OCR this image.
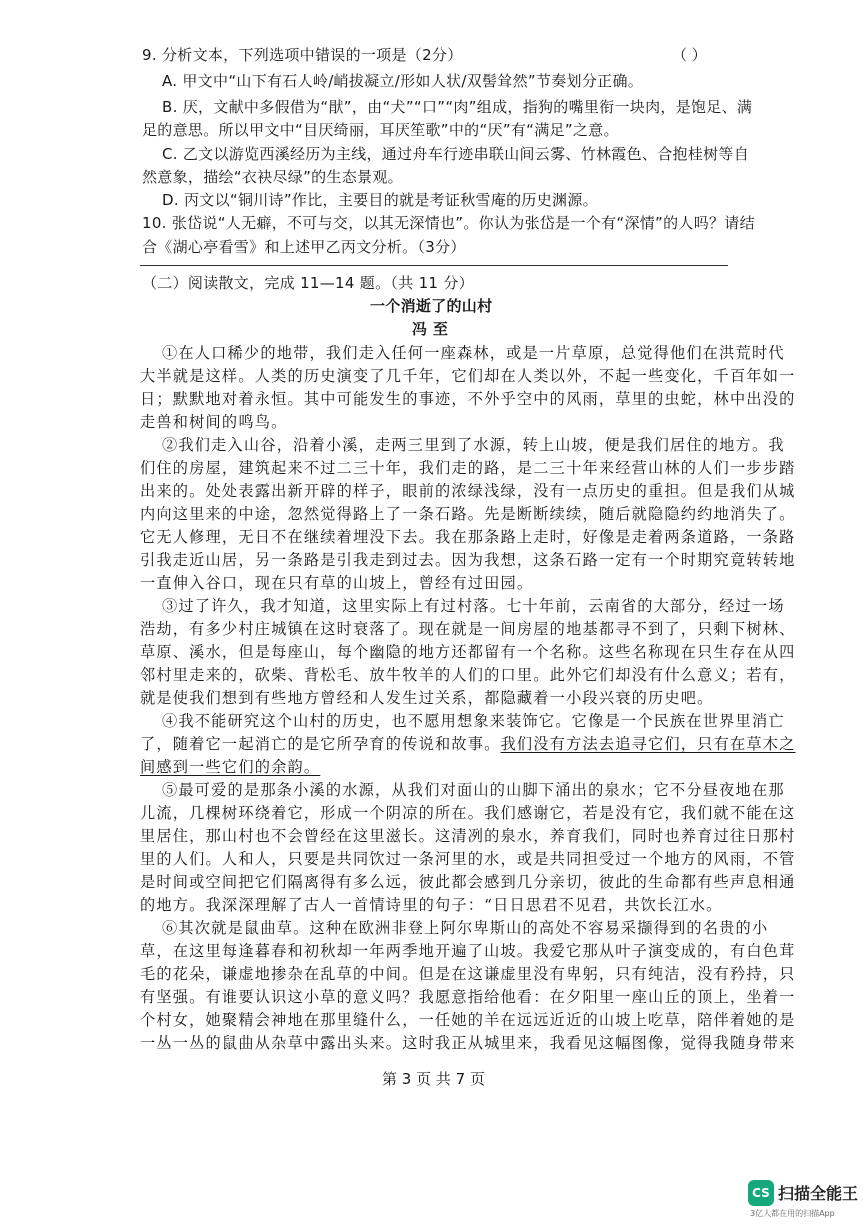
9. 分析文本，下列选项中错误的一项是（2分）	（ ）
A. 甲文中“山下有石人岭/峭拔凝立/形如人状/双髻耸然”节奏划分正确。
B. 厌，文献中多假借为“猒”，由“犬”“口”“肉”组成，指狗的嘴里衔一块肉，是饱足、满
足的意思。所以甲文中“目厌绮丽，耳厌笙歌”中的“厌”有“满足”之意。
C. 乙文以游览西溪经历为主线，通过舟车行迹串联山间云雾、竹林霞色、合抱桂树等自
然意象，描绘“衣袂尽绿”的生态景观。
D. 丙文以“铜川诗”作比，主要目的就是考证秋雪庵的历史渊源。
10. 张岱说“人无癖，不可与交，以其无深情也”。你认为张岱是一个有“深情”的人吗？请结
合《湖心亭看雪》和上述甲乙丙文分析。（3分）
（二）阅读散文，完成 11—14 题。（共 11 分）
一个消逝了的山村
冯 至
①在人口稀少的地带，我们走入任何一座森林，或是一片草原，总觉得他们在洪荒时代
大半就是这样。人类的历史演变了几千年，它们却在人类以外，不起一些变化，千百年如一
日；默默地对着永恒。其中可能发生的事迹，不外乎空中的风雨，草里的虫蛇，林中出没的
走兽和树间的鸣鸟。
②我们走入山谷，沿着小溪，走两三里到了水源，转上山坡，便是我们居住的地方。我
们住的房屋，建筑起来不过二三十年，我们走的路，是二三十年来经营山林的人们一步步踏
出来的。处处表露出新开辟的样子，眼前的浓绿浅绿，没有一点历史的重担。但是我们从城
内向这里来的中途，忽然觉得路上了一条石路。先是断断续续，随后就隐隐约约地消失了。
它无人修理，无日不在继续着埋没下去。我在那条路上走时，好像是走着两条道路，一条路
引我走近山居，另一条路是引我走到过去。因为我想，这条石路一定有一个时期究竟转转地
一直伸入谷口，现在只有草的山坡上，曾经有过田园。
③过了许久，我才知道，这里实际上有过村落。七十年前，云南省的大部分，经过一场
浩劫，有多少村庄城镇在这时衰落了。现在就是一间房屋的地基都寻不到了，只剩下树林、
草原、溪水，但是每座山，每个幽隐的地方还都留有一个名称。这些名称现在只生存在从四
邻村里走来的，砍柴、背松毛、放牛牧羊的人们的口里。此外它们却没有什么意义；若有，
就是使我们想到有些地方曾经和人发生过关系，都隐藏着一小段兴衰的历史吧。
④我不能研究这个山村的历史，也不愿用想象来装饰它。它像是一个民族在世界里消亡
了，随着它一起消亡的是它所孕育的传说和故事。我们没有方法去追寻它们，只有在草木之
间感到一些它们的余韵。
⑤最可爱的是那条小溪的水源，从我们对面山的山脚下涌出的泉水；它不分昼夜地在那
儿流，几棵树环绕着它，形成一个阴凉的所在。我们感谢它，若是没有它，我们就不能在这
里居住，那山村也不会曾经在这里滋长。这清冽的泉水，养育我们，同时也养育过往日那村
里的人们。人和人，只要是共同饮过一条河里的水，或是共同担受过一个地方的风雨，不管
是时间或空间把它们隔离得有多么远，彼此都会感到几分亲切，彼此的生命都有些声息相通
的地方。我深深理解了古人一首情诗里的句子：“日日思君不见君，共饮长江水。
⑥其次就是鼠曲草。这种在欧洲非登上阿尔卑斯山的高处不容易采撷得到的名贵的小
草，在这里每逢暮春和初秋却一年两季地开遍了山坡。我爱它那从叶子演变成的，有白色茸
毛的花朵，谦虚地掺杂在乱草的中间。但是在这谦虚里没有卑躬，只有纯洁，没有矜持，只
有坚强。有谁要认识这小草的意义吗？我愿意指给他看：在夕阳里一座山丘的顶上，坐着一
个村女，她聚精会神地在那里缝什么，一任她的羊在远远近近的山坡上吃草，陪伴着她的是
一丛一丛的鼠曲从杂草中露出头来。这时我正从城里来，我看见这幅图像，觉得我随身带来
第 3 页 共 7 页
CS 扫描全能王
3亿人都在用的扫描App
